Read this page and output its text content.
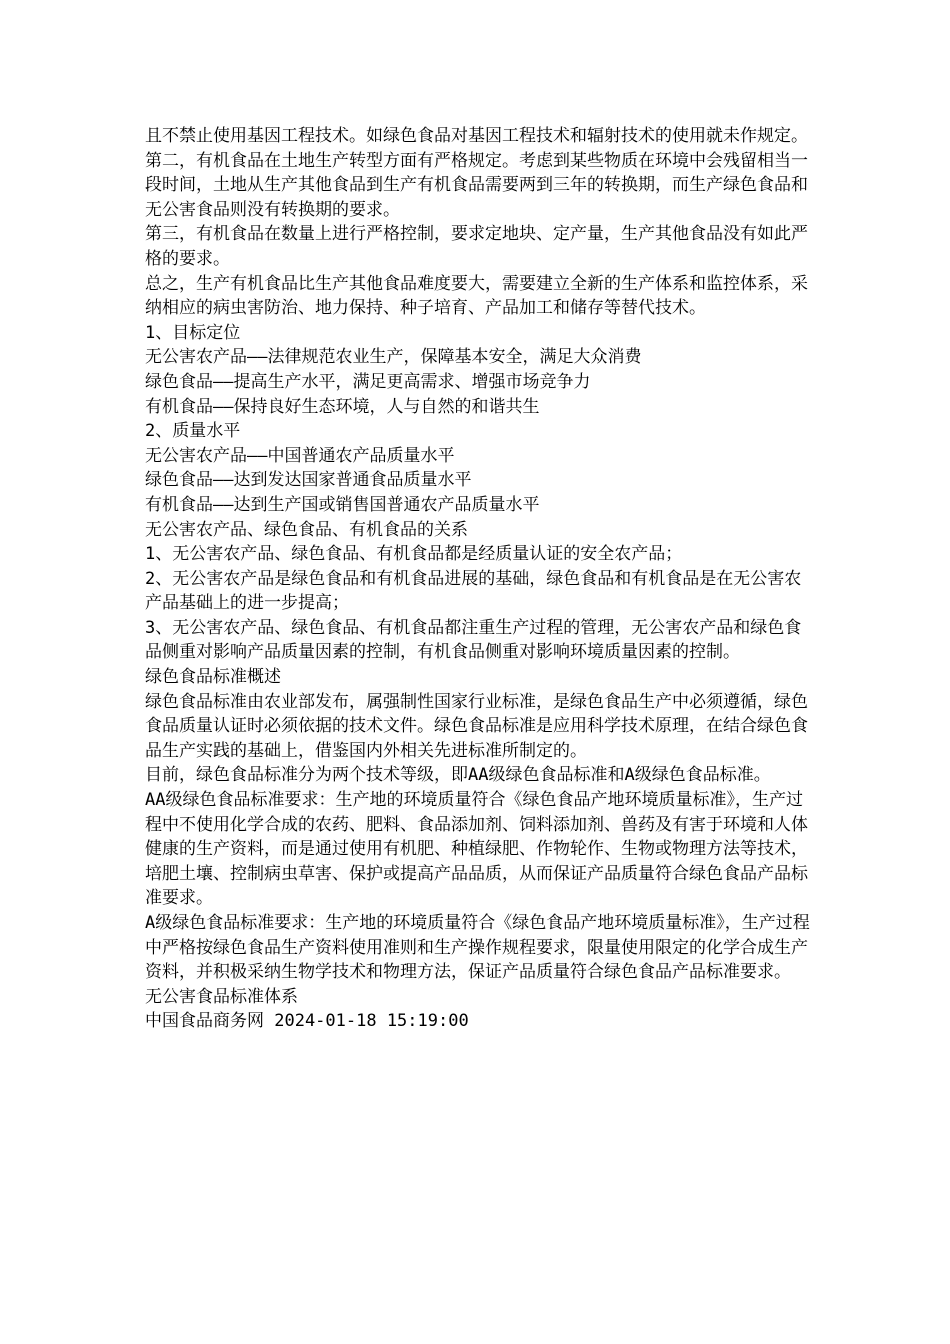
且不禁止使用基因工程技术。如绿色食品对基因工程技术和辐射技术的使用就未作规定。

第二，有机食品在土地生产转型方面有严格规定。考虑到某些物质在环境中会残留相当一段时间，土地从生产其他食品到生产有机食品需要两到三年的转换期，而生产绿色食品和无公害食品则没有转换期的要求。

第三，有机食品在数量上进行严格控制，要求定地块、定产量，生产其他食品没有如此严格的要求。

总之，生产有机食品比生产其他食品难度要大，需要建立全新的生产体系和监控体系，采纳相应的病虫害防治、地力保持、种子培育、产品加工和储存等替代技术。

1、目标定位

无公害农产品——法律规范农业生产，保障基本安全，满足大众消费

绿色食品——提高生产水平，满足更高需求、增强市场竞争力

有机食品——保持良好生态环境，人与自然的和谐共生

2、质量水平

无公害农产品——中国普通农产品质量水平

绿色食品——达到发达国家普通食品质量水平

有机食品——达到生产国或销售国普通农产品质量水平

无公害农产品、绿色食品、有机食品的关系

1、无公害农产品、绿色食品、有机食品都是经质量认证的安全农产品；

2、无公害农产品是绿色食品和有机食品进展的基础，绿色食品和有机食品是在无公害农产品基础上的进一步提高；

3、无公害农产品、绿色食品、有机食品都注重生产过程的管理，无公害农产品和绿色食品侧重对影响产品质量因素的控制，有机食品侧重对影响环境质量因素的控制。

绿色食品标准概述

绿色食品标准由农业部发布，属强制性国家行业标准，是绿色食品生产中必须遵循，绿色食品质量认证时必须依据的技术文件。绿色食品标准是应用科学技术原理，在结合绿色食品生产实践的基础上，借鉴国内外相关先进标准所制定的。

目前，绿色食品标准分为两个技术等级，即AA级绿色食品标准和A级绿色食品标准。

AA级绿色食品标准要求：生产地的环境质量符合《绿色食品产地环境质量标准》，生产过程中不使用化学合成的农药、肥料、食品添加剂、饲料添加剂、兽药及有害于环境和人体健康的生产资料，而是通过使用有机肥、种植绿肥、作物轮作、生物或物理方法等技术，培肥土壤、控制病虫草害、保护或提高产品品质，从而保证产品质量符合绿色食品产品标准要求。

A级绿色食品标准要求：生产地的环境质量符合《绿色食品产地环境质量标准》，生产过程中严格按绿色食品生产资料使用准则和生产操作规程要求，限量使用限定的化学合成生产资料，并积极采纳生物学技术和物理方法，保证产品质量符合绿色食品产品标准要求。

无公害食品标准体系

中国食品商务网 2024-01-18 15:19:00
